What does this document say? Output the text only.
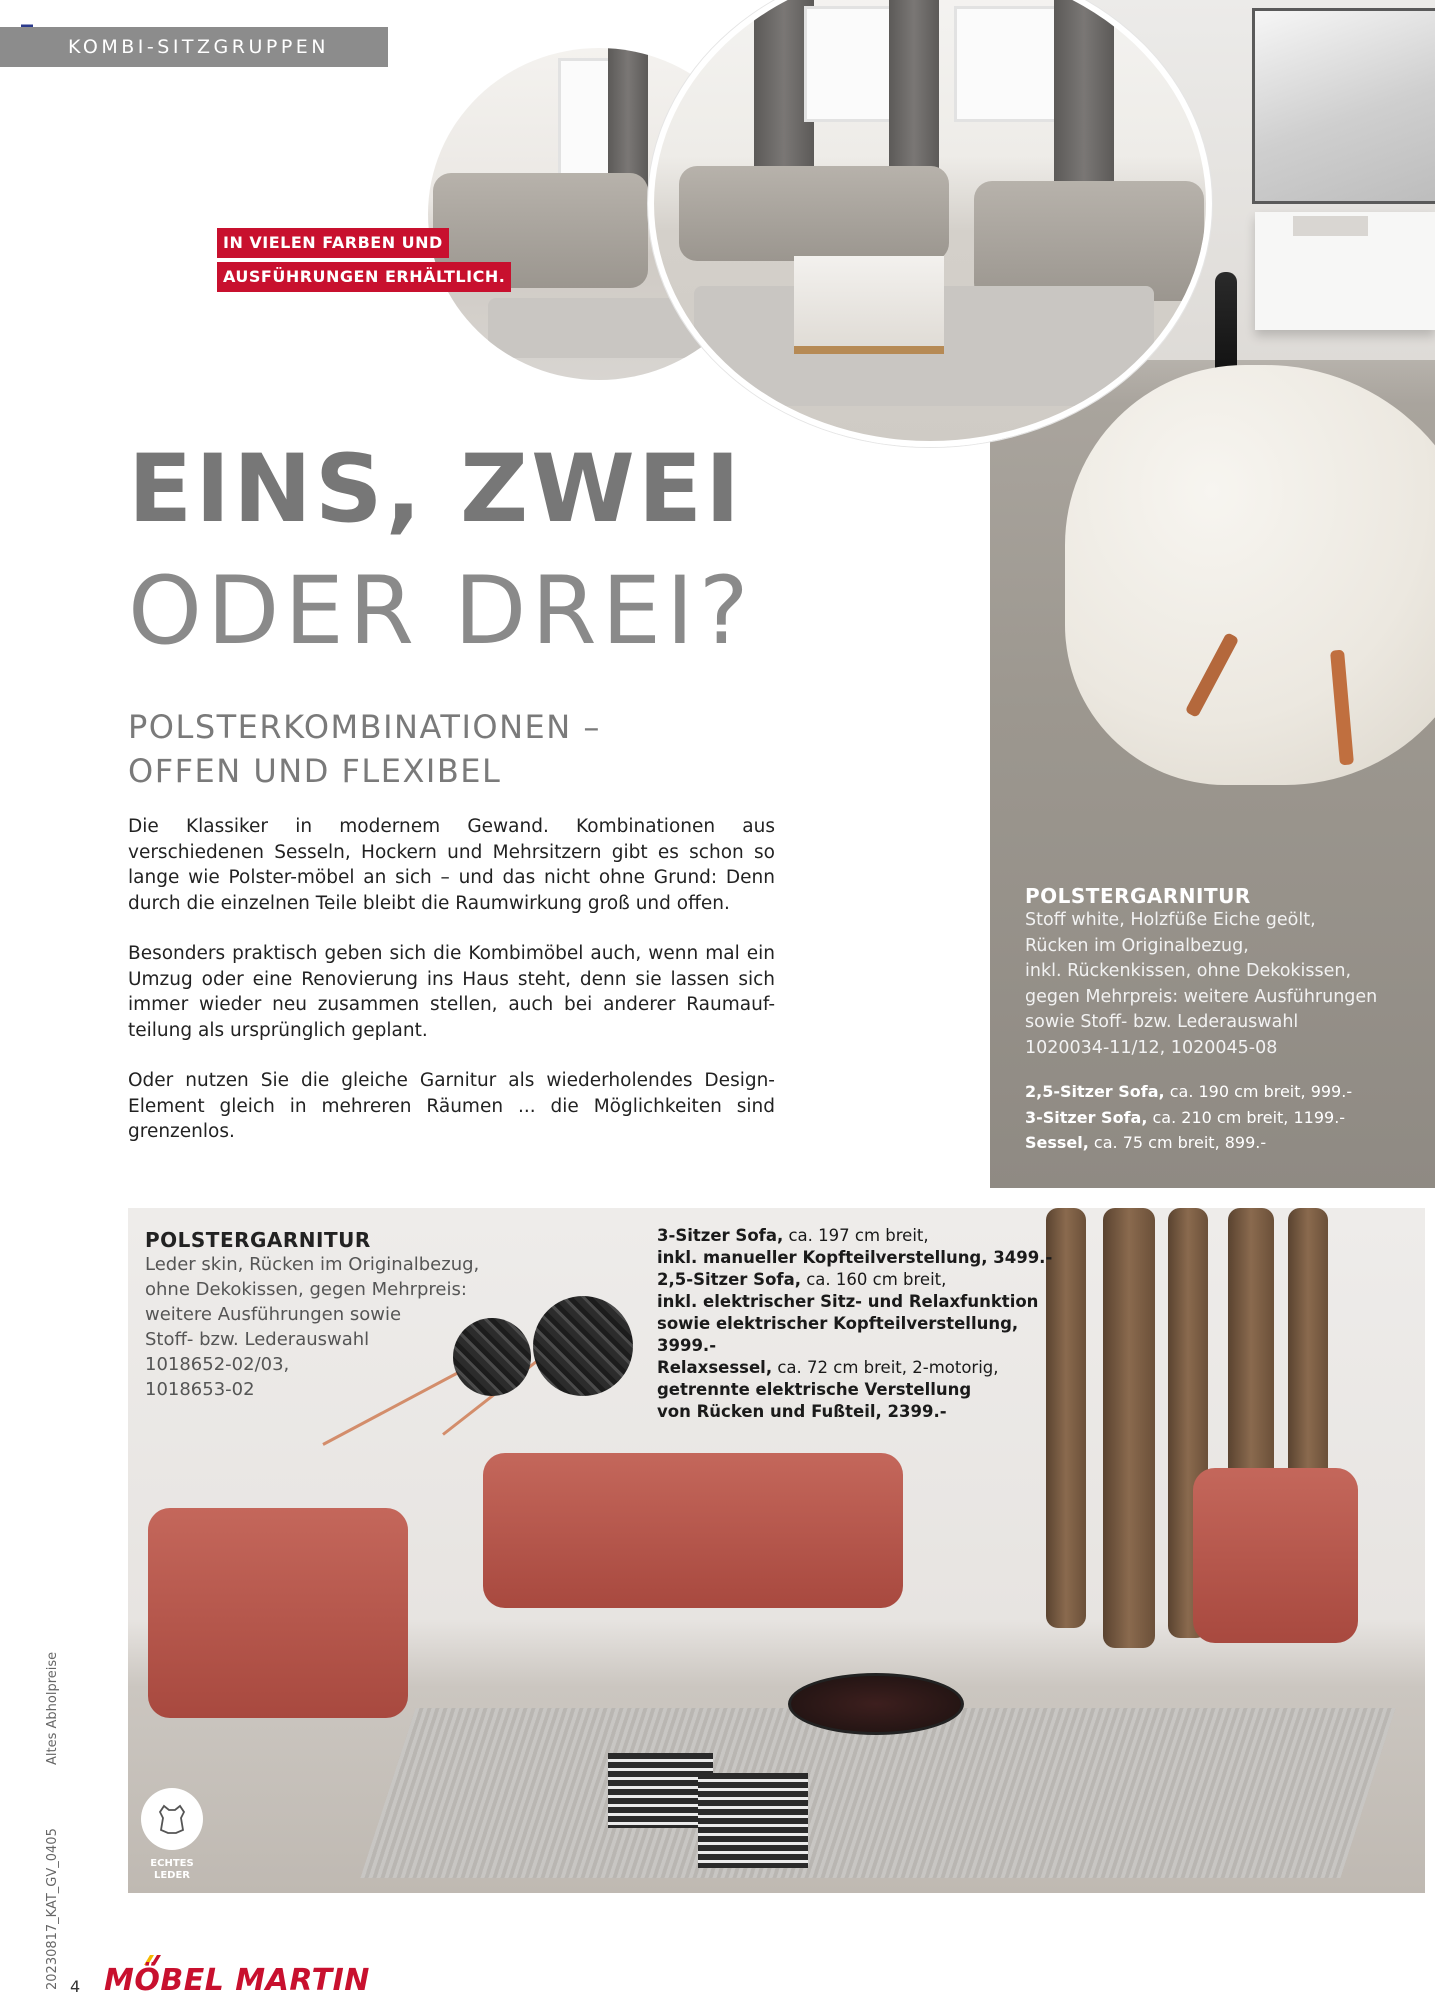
POLSTERGARNITUR
Stoff white, Holzfüße Eiche geölt,
Rücken im Originalbezug,
inkl. Rückenkissen, ohne Dekokissen,
gegen Mehrpreis: weitere Ausführungen
sowie Stoff- bzw. Lederauswahl
1020034-11/12, 1020045-08
2,5-Sitzer Sofa, ca. 190 cm breit, 999.-
3-Sitzer Sofa, ca. 210 cm breit, 1199.-
Sessel, ca. 75 cm breit, 899.-
KOMBI-SITZGRUPPEN
IN VIELEN FARBEN UND
AUSFÜHRUNGEN ERHÄLTLICH.
EINS, ZWEI
ODER DREI?
POLSTERKOMBINATIONEN –
OFFEN UND FLEXIBEL

Die Klassiker in modernem Gewand. Kombinationen aus verschiedenen Sesseln, Hockern und Mehrsitzern gibt es schon so lange wie Polster-möbel an sich – und das nicht ohne Grund: Denn durch die einzelnen Teile bleibt die Raumwirkung groß und offen.

Besonders praktisch geben sich die Kombimöbel auch, wenn mal ein Umzug oder eine Renovierung ins Haus steht, denn sie lassen sich immer wieder neu zusammen stellen, auch bei anderer Raumauf-teilung als ursprünglich geplant.

Oder nutzen Sie die gleiche Garnitur als wiederholendes Design-Element gleich in mehreren Räumen ... die Möglichkeiten sind grenzenlos.

ECHTES
LEDER
POLSTERGARNITUR
Leder skin, Rücken im Originalbezug,
ohne Dekokissen, gegen Mehrpreis:
weitere Ausführungen sowie
Stoff- bzw. Lederauswahl
1018652-02/03,
1018653-02
3-Sitzer Sofa, ca. 197 cm breit,
inkl. manueller Kopfteilverstellung, 3499.-
2,5-Sitzer Sofa, ca. 160 cm breit,
inkl. elektrischer Sitz- und Relaxfunktion
sowie elektrischer Kopfteilverstellung,
3999.-
Relaxsessel, ca. 72 cm breit, 2-motorig,
getrennte elektrische Verstellung
von Rücken und Fußteil, 2399.-
Altes Abholpreise
20230817_KAT_GV_0405 4 MÖBEL MARTIN
